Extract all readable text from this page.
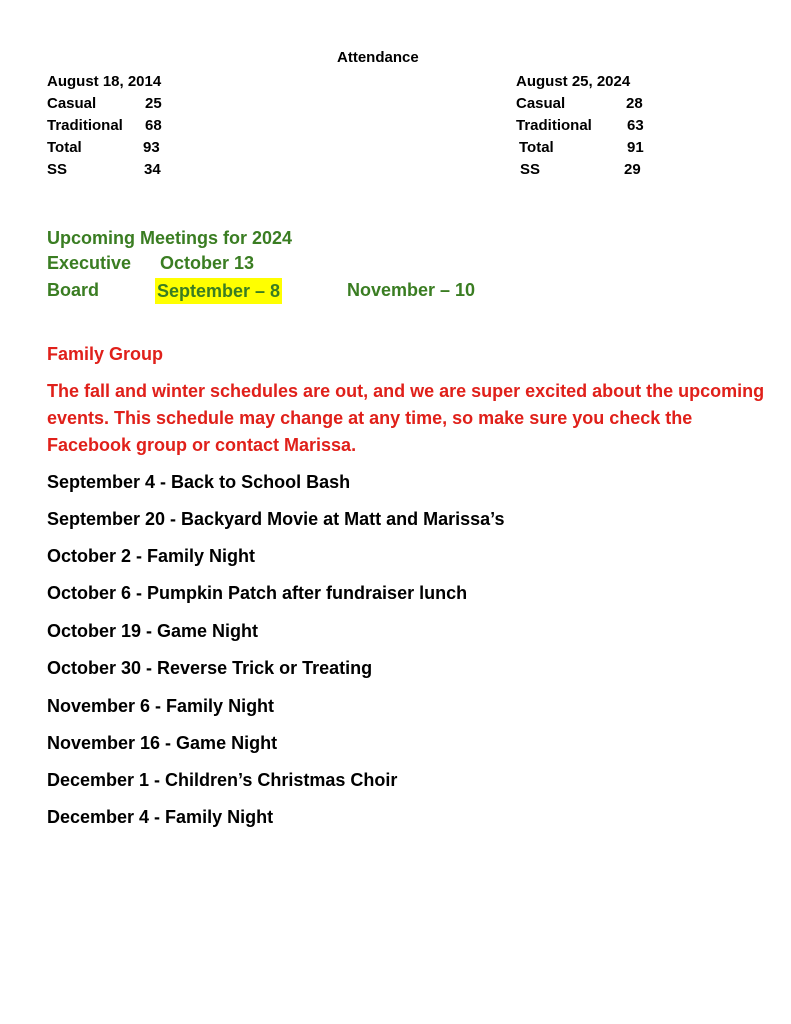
Attendance
August 18, 2014
Casual	25
Traditional 68
Total	93
SS	34
August 25, 2024
Casual	28
Traditional 63
Total	91
SS	29
Upcoming Meetings for 2024
Executive October 13
Board	September – 8	November – 10
Family Group
The fall and winter schedules are out, and we are super excited about the upcoming events. This schedule may change at any time, so make sure you check the Facebook group or contact Marissa.
September 4 - Back to School Bash
September 20 - Backyard Movie at Matt and Marissa’s
October 2 - Family Night
October 6 - Pumpkin Patch after fundraiser lunch
October 19 - Game Night
October 30 - Reverse Trick or Treating
November 6 - Family Night
November 16 - Game Night
December 1 - Children’s Christmas Choir
December 4 - Family Night
